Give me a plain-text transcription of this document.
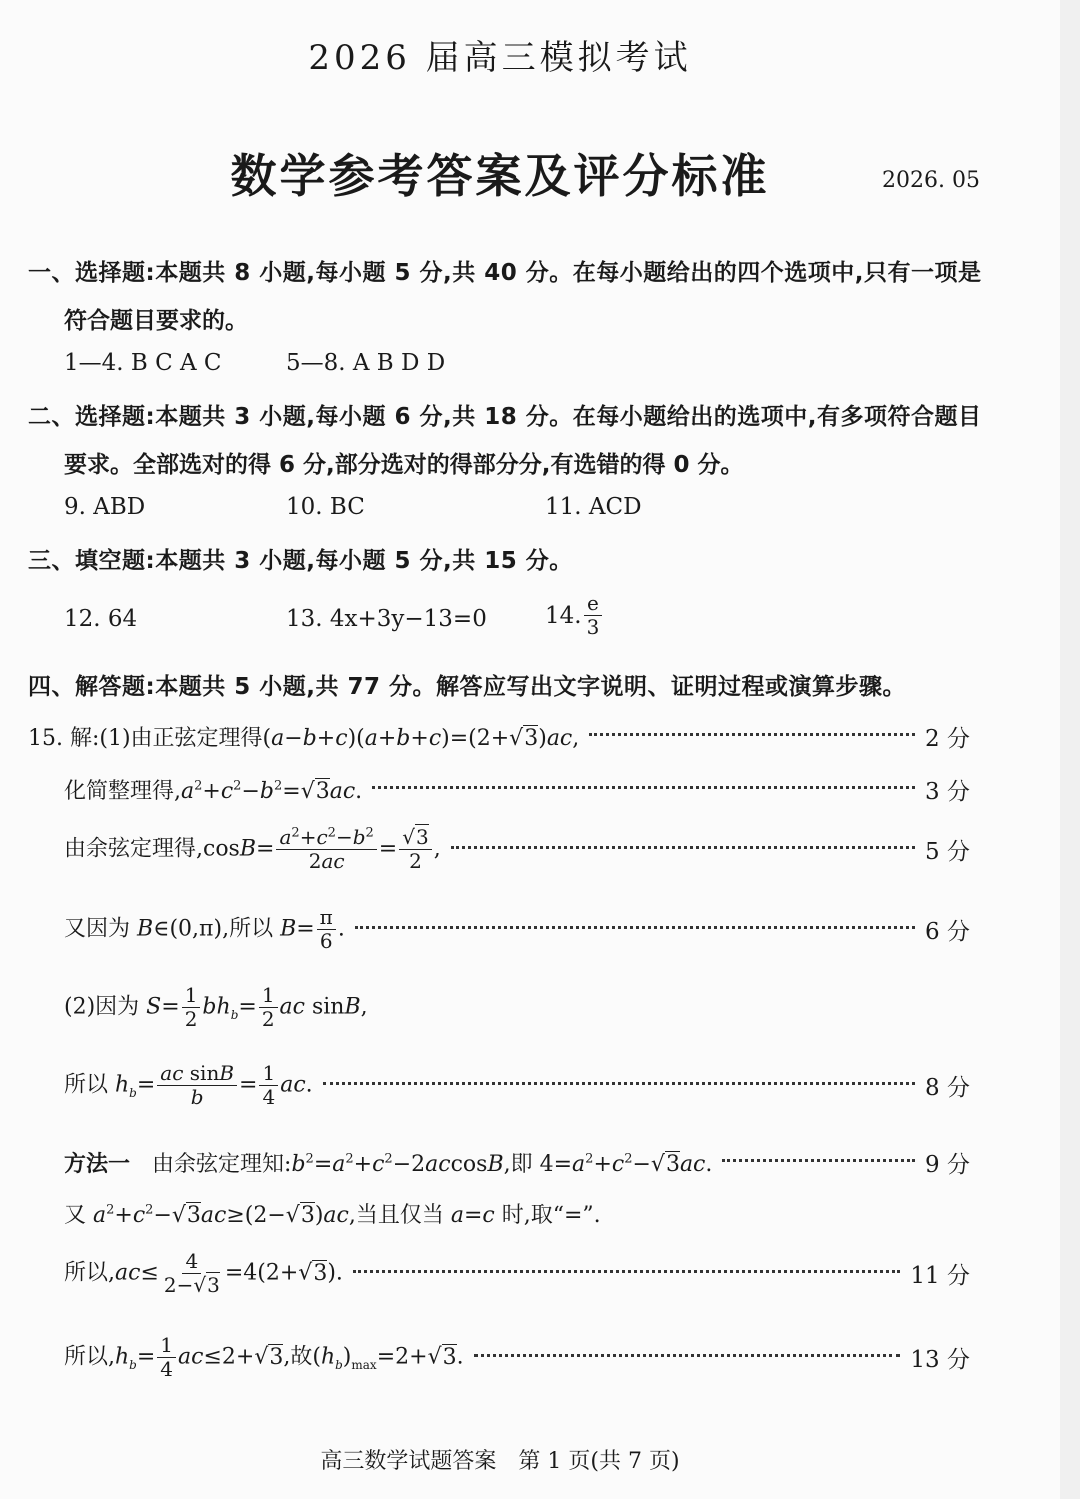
2026 届高三模拟考试
数学参考答案及评分标准	2026. 05
一、选择题:本题共 8 小题,每小题 5 分,共 40 分。在每小题给出的四个选项中,只有一项是
符合题目要求的。
1—4. B C A C	5—8. A B D D
二、选择题:本题共 3 小题,每小题 6 分,共 18 分。在每小题给出的选项中,有多项符合题目
要求。全部选对的得 6 分,部分选对的得部分分,有选错的得 0 分。
9. ABD	10. BC	11. ACD
三、填空题:本题共 3 小题,每小题 5 分,共 15 分。
12. 64	13. 4x+3y−13=0	14. $\frac{e}{3}$
四、解答题:本题共 5 小题,共 77 分。解答应写出文字说明、证明过程或演算步骤。
15. 解:(1)由正弦定理得(a−b+c)(a+b+c)=(2+√3)ac,	2 分
化简整理得$,a^2+c^2-b^2=√3ac$.	3 分
由余弦定理得$,\cos B= \frac{a^2+c^2-b^2}{2ac} = \frac{√3}{2}$ ,	5 分
又因为 B∈(0,π),所以 $B= \frac{\pi}{6}$ .	6 分
(2)因为 $S= \frac{1}{2} bh_b= \frac{1}{2}$ ac sinB,
所以 $h_b= \frac{\text{ac sinB}}{b} = \frac{1}{4}$ ac.	8 分
方法一　由余弦定理知$:b^2=a^2+c^2-2accosB$,即 $4=a^2+c^2-√3ac$.	9 分
又 $a^2+c^2-√3ac\ge(2-√3)ac$,当且仅当 a=c 时,取“=”.
所以$,ac\le \frac{4}{2-√3} =4(2+√3)$.	11 分
所以$,h_b= \frac{1}{4} ac\le 2+√3$,故$(h_b)_{max}=2+√3$.	13 分
高三数学试题答案　第 1 页(共 7 页)
